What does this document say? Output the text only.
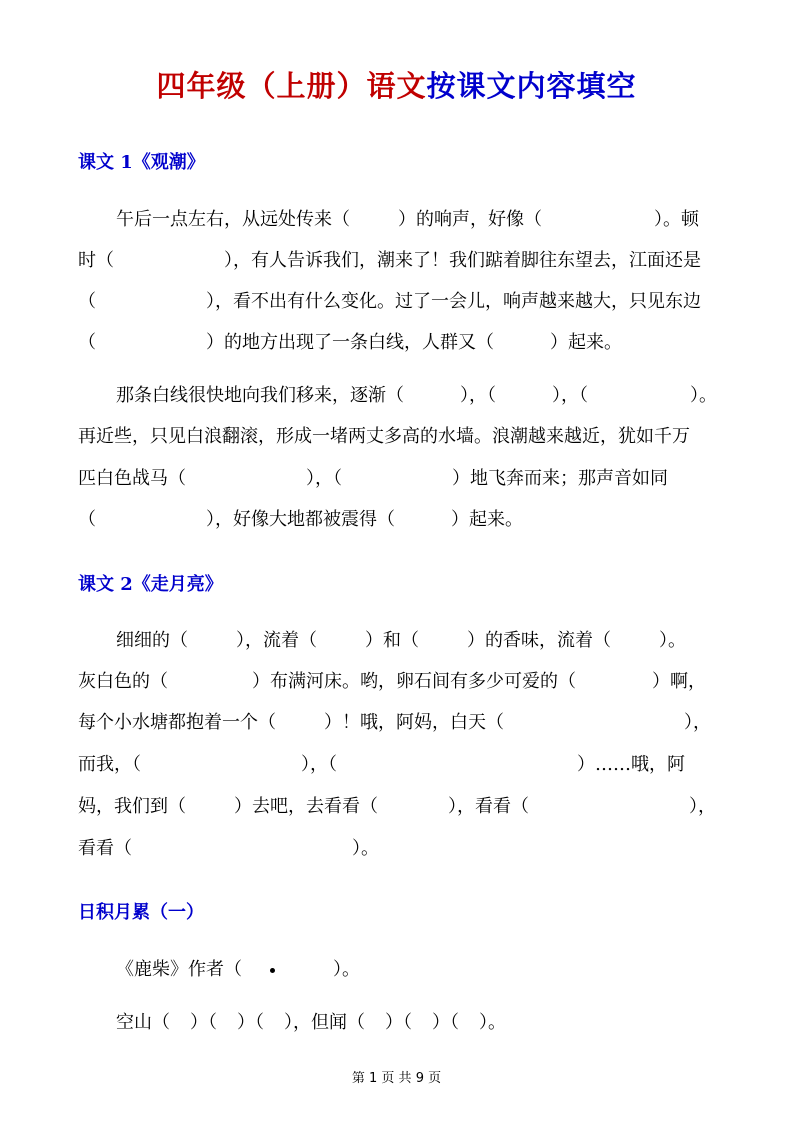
四年级（上册）语文按课文内容填空
课文 1《观潮》
午后一点左右，从远处传来（	）的响声，好像（	）。顿
时（	），有人告诉我们，潮来了！我们踮着脚往东望去，江面还是
（	），看不出有什么变化。过了一会儿，响声越来越大，只见东边
（	）的地方出现了一条白线，人群又（	）起来。
那条白线很快地向我们移来，逐渐（	），（	），（	）。
再近些，只见白浪翻滚，形成一堵两丈多高的水墙。浪潮越来越近，犹如千万
匹白色战马（	），（	）地飞奔而来；那声音如同
（	），好像大地都被震得（	）起来。
课文 2《走月亮》
细细的（	），流着（	）和（	）的香味，流着（	）。
灰白色的（	）布满河床。哟，卵石间有多少可爱的（	）啊，
每个小水塘都抱着一个（	）！哦，阿妈，白天（	），
而我，（	），（	）……哦，阿
妈，我们到（	）去吧，去看看（	），看看（	），
看看（	）。
日积月累（一）
《鹿柴》作者（	）。
空山（ ）（ ）（ ），但闻（ ）（ ）（ ）。
第 1 页 共 9 页
